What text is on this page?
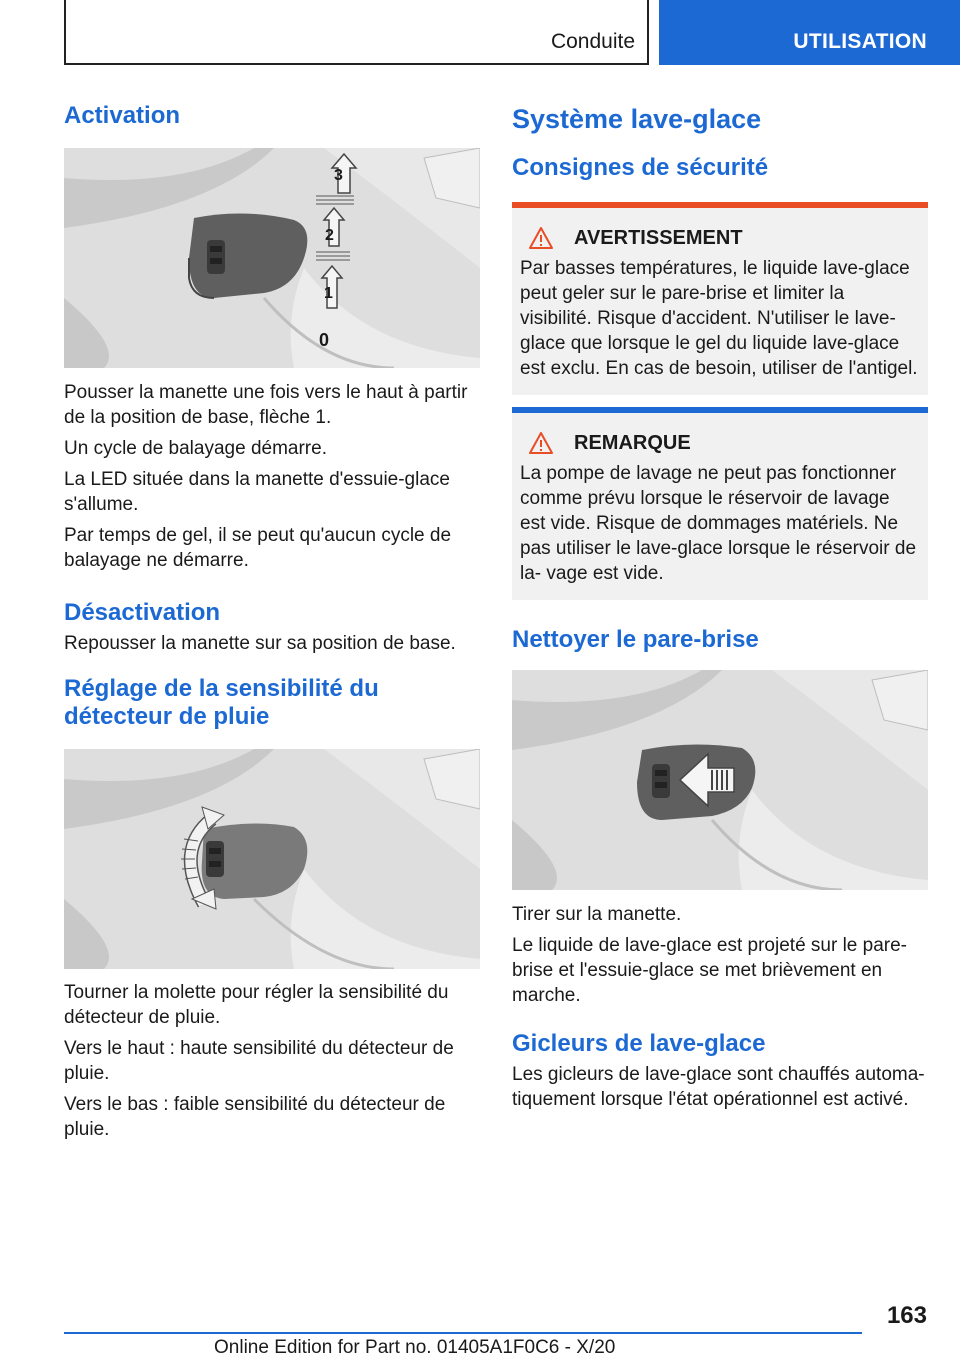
Conduite	UTILISATION
Activation
3
2
1
0

Pousser la manette une fois vers le haut à partir de la position de base, flèche 1.

Un cycle de balayage démarre.

La LED située dans la manette d'essuie-glace s'allume.

Par temps de gel, il se peut qu'aucun cycle de balayage ne démarre.

Désactivation

Repousser la manette sur sa position de base.

Réglage de la sensibilité du
détecteur de pluie

Tourner la molette pour régler la sensibilité du détecteur de pluie.

Vers le haut : haute sensibilité du détecteur de pluie.

Vers le bas : faible sensibilité du détecteur de pluie.

Système lave-glace
Consignes de sécurité
AVERTISSEMENT

Par basses températures, le liquide lave-glace peut geler sur le pare-brise et limiter la visibilité. Risque d'accident. N'utiliser le lave-glace que lorsque le gel du liquide lave-glace est exclu. En cas de besoin, utiliser de l'antigel.

REMARQUE

La pompe de lavage ne peut pas fonctionner comme prévu lorsque le réservoir de lavage est vide. Risque de dommages matériels. Ne pas utiliser le lave-glace lorsque le réservoir de la- vage est vide.

Nettoyer le pare-brise

Tirer sur la manette.

Le liquide de lave-glace est projeté sur le pare- brise et l'essuie-glace se met brièvement en marche.

Gicleurs de lave-glace

Les gicleurs de lave-glace sont chauffés automa- tiquement lorsque l'état opérationnel est activé.

163
Online Edition for Part no. 01405A1F0C6 - X/20
